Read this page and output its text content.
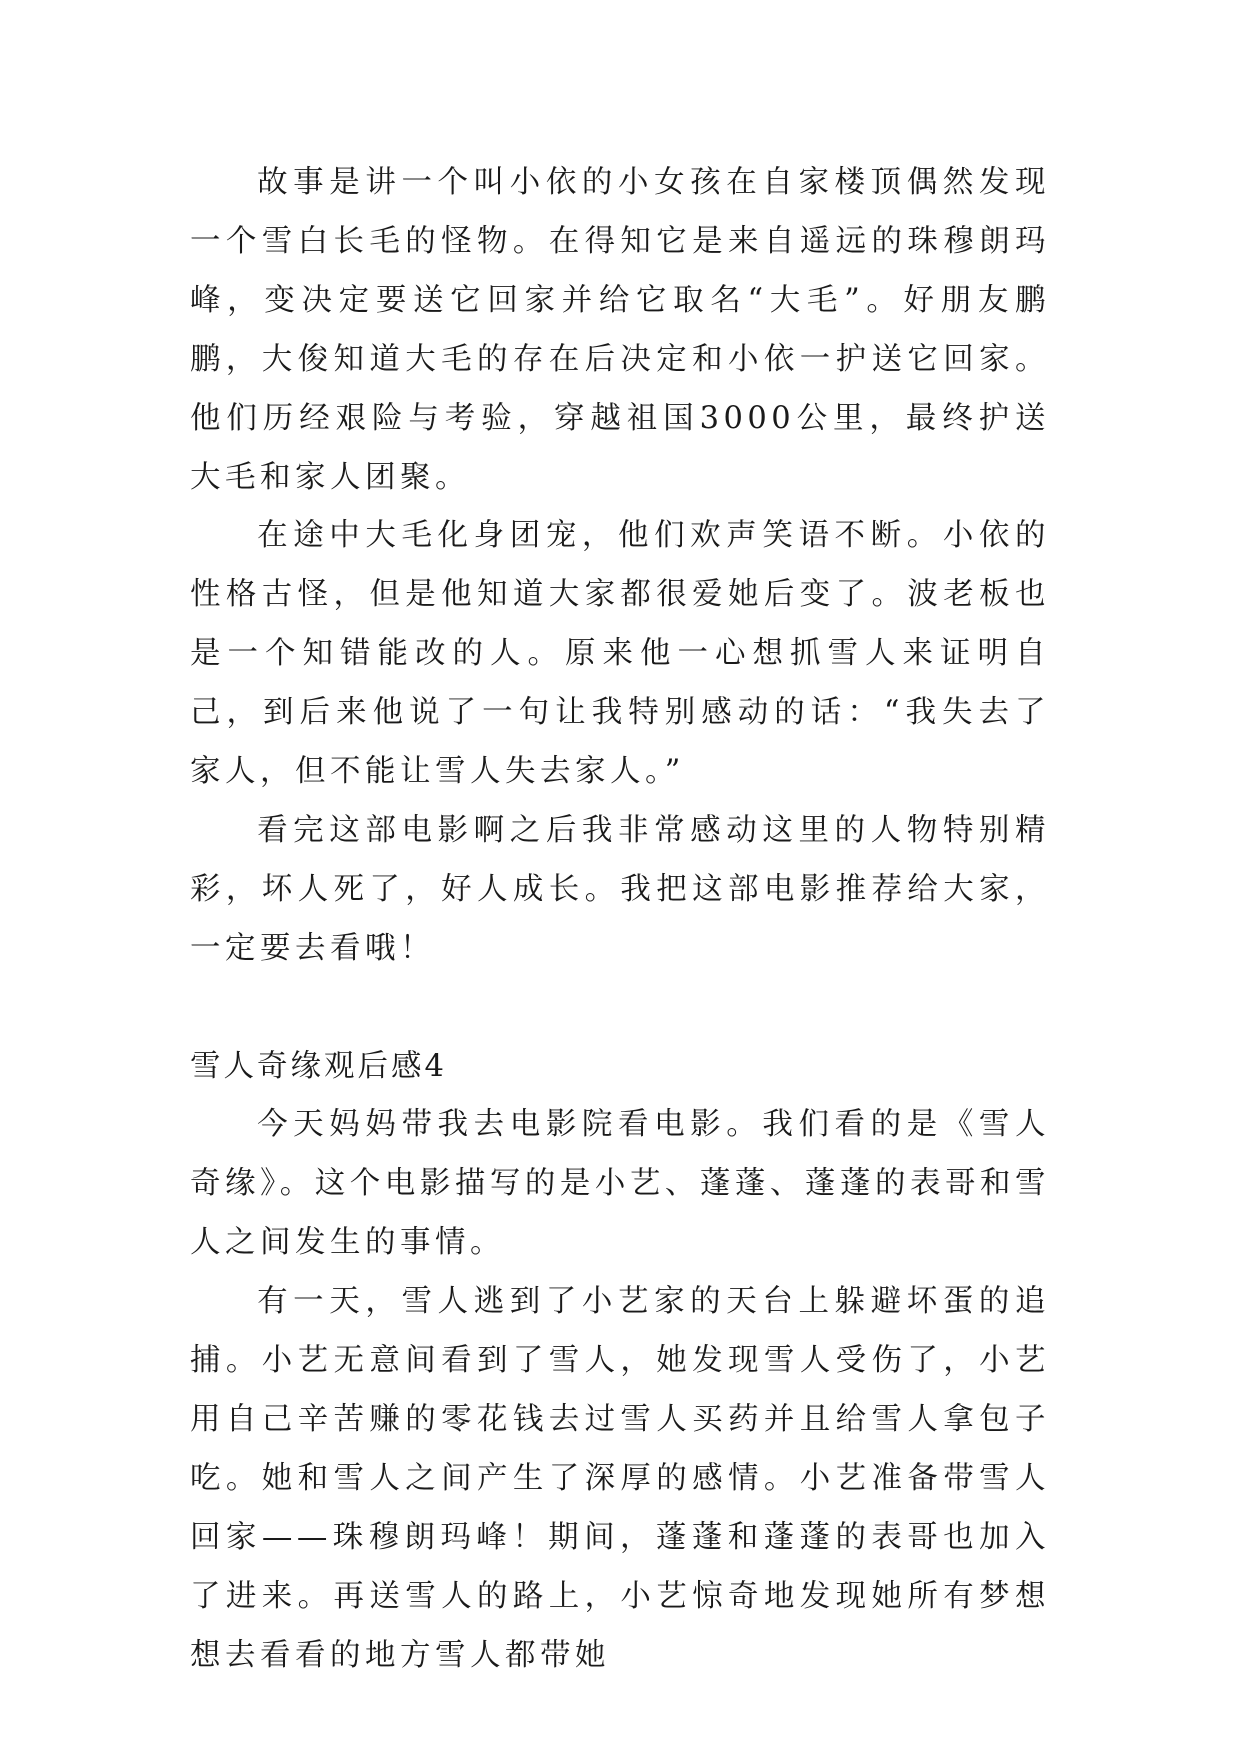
故事是讲一个叫小依的小女孩在自家楼顶偶然发现一个雪白长毛的怪物。在得知它是来自遥远的珠穆朗玛峰，变决定要送它回家并给它取名“大毛”。好朋友鹏鹏，大俊知道大毛的存在后决定和小依一护送它回家。他们历经艰险与考验，穿越祖国3000公里，最终护送大毛和家人团聚。

在途中大毛化身团宠，他们欢声笑语不断。小依的性格古怪，但是他知道大家都很爱她后变了。波老板也是一个知错能改的人。原来他一心想抓雪人来证明自己，到后来他说了一句让我特别感动的话：“我失去了家人，但不能让雪人失去家人。”

看完这部电影啊之后我非常感动这里的人物特别精彩，坏人死了，好人成长。我把这部电影推荐给大家，一定要去看哦！

雪人奇缘观后感4

今天妈妈带我去电影院看电影。我们看的是《雪人奇缘》。这个电影描写的是小艺、蓬蓬、蓬蓬的表哥和雪人之间发生的事情。

有一天，雪人逃到了小艺家的天台上躲避坏蛋的追捕。小艺无意间看到了雪人，她发现雪人受伤了，小艺用自己辛苦赚的零花钱去过雪人买药并且给雪人拿包子吃。她和雪人之间产生了深厚的感情。小艺准备带雪人回家——珠穆朗玛峰！期间，蓬蓬和蓬蓬的表哥也加入了进来。再送雪人的路上，小艺惊奇地发现她所有梦想想去看看的地方雪人都带她
